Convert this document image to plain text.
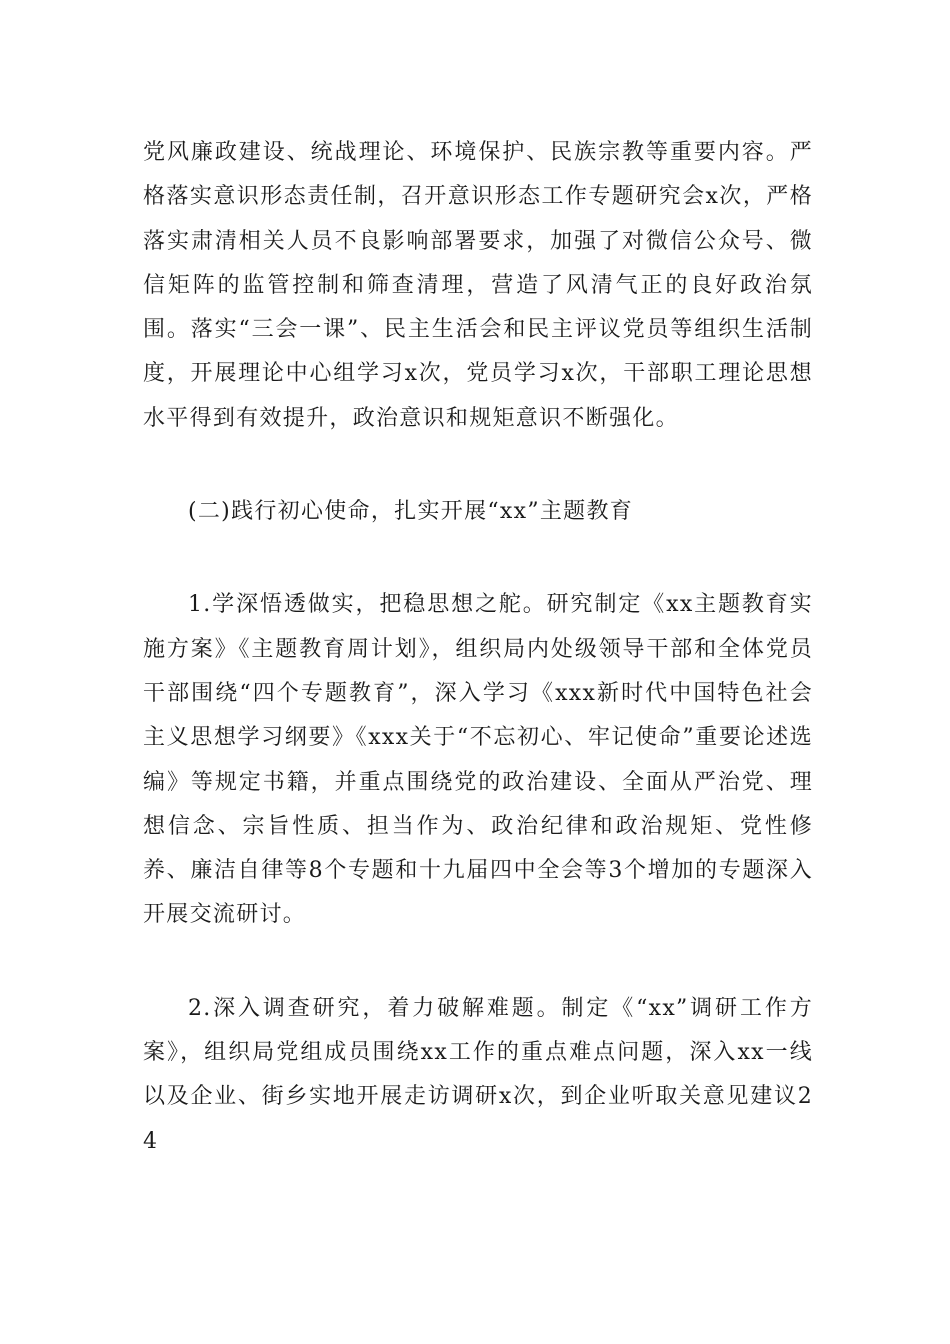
党风廉政建设、统战理论、环境保护、民族宗教等重要内容。严格落实意识形态责任制，召开意识形态工作专题研究会x次，严格落实肃清相关人员不良影响部署要求，加强了对微信公众号、微信矩阵的监管控制和筛查清理，营造了风清气正的良好政治氛围。落实“三会一课”、民主生活会和民主评议党员等组织生活制度，开展理论中心组学习x次，党员学习x次，干部职工理论思想水平得到有效提升，政治意识和规矩意识不断强化。

(二)践行初心使命，扎实开展“xx”主题教育

1.学深悟透做实，把稳思想之舵。研究制定《xx主题教育实施方案》《主题教育周计划》，组织局内处级领导干部和全体党员干部围绕“四个专题教育”，深入学习《xxx新时代中国特色社会主义思想学习纲要》《xxx关于“不忘初心、牢记使命”重要论述选编》等规定书籍，并重点围绕党的政治建设、全面从严治党、理想信念、宗旨性质、担当作为、政治纪律和政治规矩、党性修养、廉洁自律等8个专题和十九届四中全会等3个增加的专题深入开展交流研讨。

2.深入调查研究，着力破解难题。制定《“xx”调研工作方案》，组织局党组成员围绕xx工作的重点难点问题，深入xx一线以及企业、街乡实地开展走访调研x次，到企业听取关意见建议24
